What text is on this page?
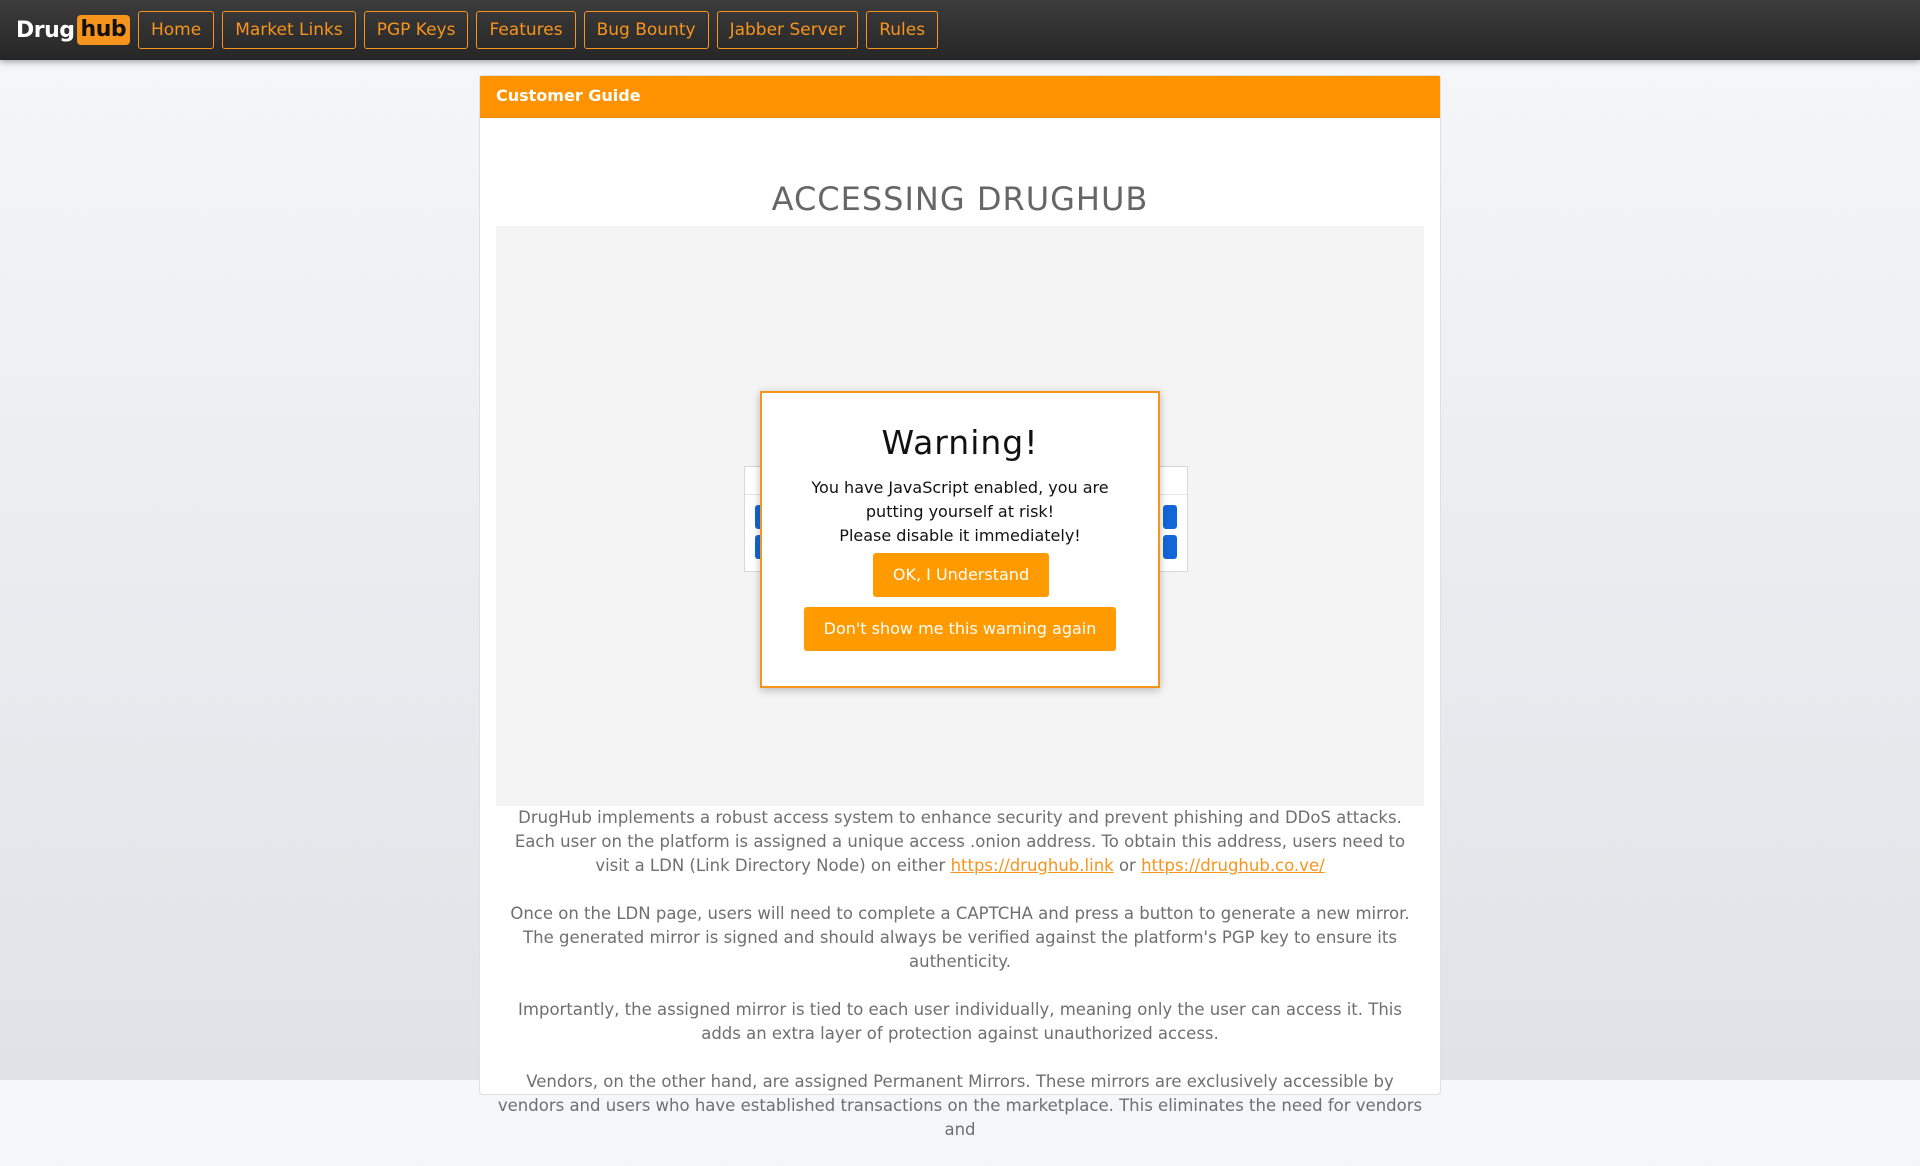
Drug hub	Home	Market Links	PGP Keys	Features	Bug Bounty	Jabber Server	Rules
Customer Guide
ACCESSING DRUGHUB

DrugHub implements a robust access system to enhance security and prevent phishing and DDoS attacks. Each user on the platform is assigned a unique access .onion address. To obtain this address, users need to visit a LDN (Link Directory Node) on either https://drughub.link or https://drughub.co.ve/

Once on the LDN page, users will need to complete a CAPTCHA and press a button to generate a new mirror. The generated mirror is signed and should always be verified against the platform's PGP key to ensure its authenticity.

Importantly, the assigned mirror is tied to each user individually, meaning only the user can access it. This adds an extra layer of protection against unauthorized access.

Vendors, on the other hand, are assigned Permanent Mirrors. These mirrors are exclusively accessible by vendors and users who have established transactions on the marketplace. This eliminates the need for vendors and

Warning!
You have JavaScript enabled, you are putting yourself at risk!
Please disable it immediately!
OK, I Understand
Don't show me this warning again
